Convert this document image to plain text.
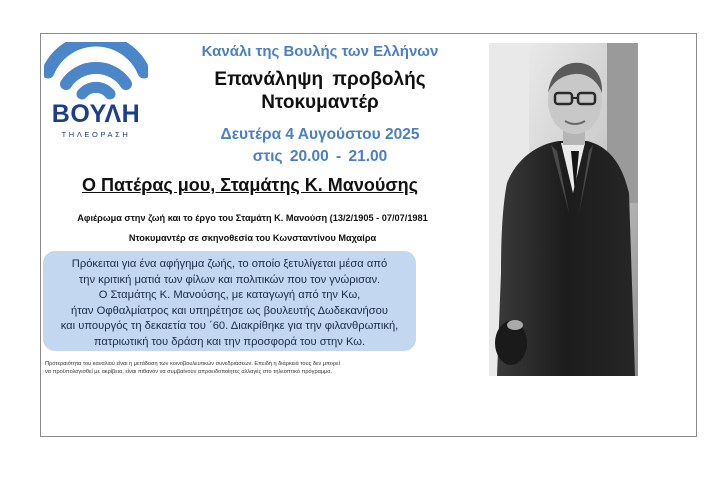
ΒΟΥΛΗ
ΤΗΛΕΟΡΑΣΗ
Κανάλι της Βουλής των Ελλήνων
Επανάληψη προβολής
Ντοκυμαντέρ
Δευτέρα 4 Αυγούστου 2025
στις 20.00 - 21.00
Ο Πατέρας μου, Σταμάτης Κ. Μανούσης
Αφιέρωμα στην ζωή και το έργο του Σταμάτη Κ. Μανούση (13/2/1905 - 07/07/1981
Ντοκυμαντέρ σε σκηνοθεσία του Κωνσταντίνου Μαχαίρα
Πρόκειται για ένα αφήγημα ζωής, το οποίο ξετυλίγεται μέσα από
την κριτική ματιά των φίλων και πολιτικών που τον γνώρισαν.
Ο Σταμάτης Κ. Μανούσης, με καταγωγή από την Κω,
ήταν Οφθαλμίατρος και υπηρέτησε ως βουλευτής Δωδεκανήσου
και υπουργός τη δεκαετία του ΄60. Διακρίθηκε για την φιλανθρωπική,
πατριωτική του δράση και την προσφορά του στην Κω.
Προτεραιότητα του καναλιού είναι η μετάδοση των κοινοβουλευτικών συνεδριάσεων. Επειδή η διάρκειά τους δεν μπορεί
να προϋπολογισθεί με ακρίβεια, είναι πιθανόν να συμβαίνουν απροειδοποίητες αλλαγές στο τηλεοπτικό πρόγραμμα.
